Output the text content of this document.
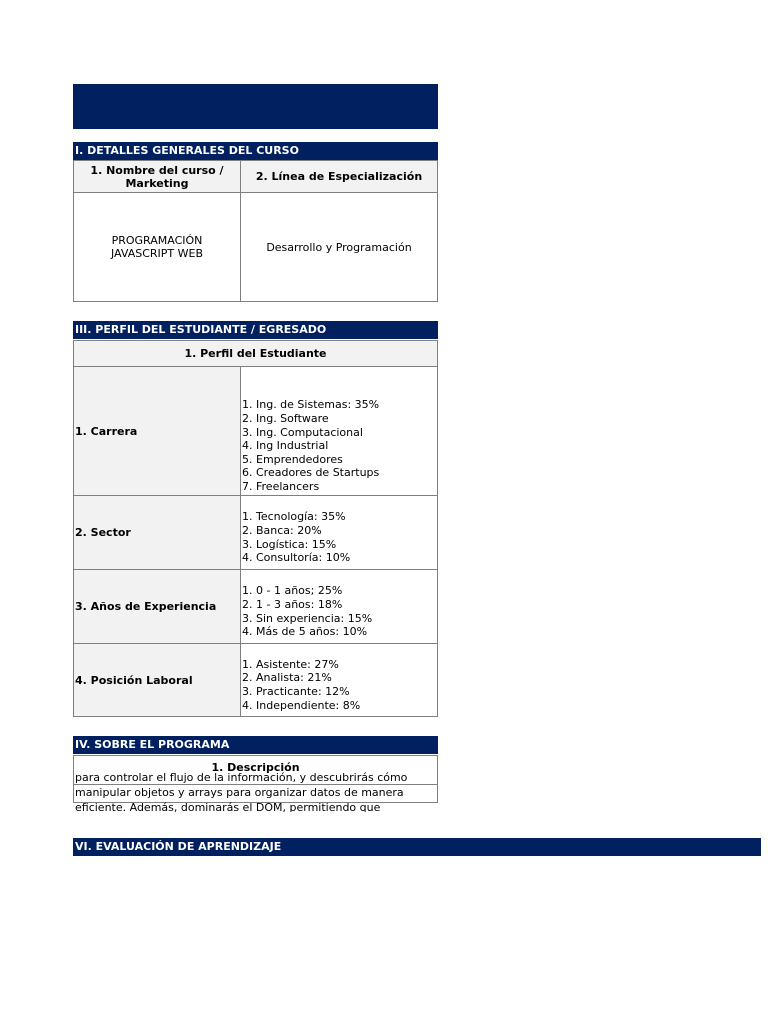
I. DETALLES GENERALES DEL CURSO
1. Nombre del curso / Marketing	2. Línea de Especialización
PROGRAMACIÓN JAVASCRIPT WEB	Desarrollo y Programación
III. PERFIL DEL ESTUDIANTE / EGRESADO
1. Perfil del Estudiante
1. Carrera
1. Ing. de Sistemas: 35%
2. Ing. Software
3. Ing. Computacional
4. Ing Industrial
5. Emprendedores
6. Creadores de Startups
7. Freelancers
2. Sector
1. Tecnología: 35%
2. Banca: 20%
3. Logística: 15%
4. Consultoría: 10%
3. Años de Experiencia
1. 0 - 1 años; 25%
2. 1 - 3 años: 18%
3. Sin experiencia: 15%
4. Más de 5 años: 10%
4. Posición Laboral
1. Asistente: 27%
2. Analista: 21%
3. Practicante: 12%
4. Independiente: 8%
IV. SOBRE EL PROGRAMA
1. Descripción
para controlar el flujo de la información, y descubrirás cómo
manipular objetos y arrays para organizar datos de manera
eficiente. Además, dominarás el DOM, permitiendo que
VI. EVALUACIÓN DE APRENDIZAJE
